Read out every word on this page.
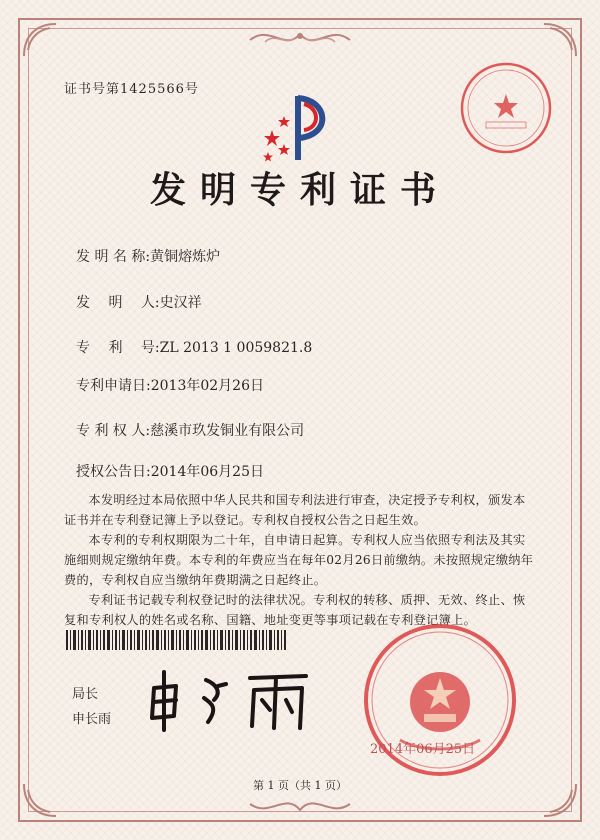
证书号第1425566号
发明专利证书
发 明 名 称:黄铜熔炼炉
发　 明　 人:史汉祥
专　 利　 号:ZL 2013 1 0059821.8
专利申请日:2013年02月26日
专 利 权 人:慈溪市玖发铜业有限公司
授权公告日:2014年06月25日

本发明经过本局依照中华人民共和国专利法进行审查，决定授予专利权，颁发本证书并在专利登记簿上予以登记。专利权自授权公告之日起生效。

本专利的专利权期限为二十年，自申请日起算。专利权人应当依照专利法及其实施细则规定缴纳年费。本专利的年费应当在每年02月26日前缴纳。未按照规定缴纳年费的，专利权自应当缴纳年费期满之日起终止。

专利证书记载专利权登记时的法律状况。专利权的转移、质押、无效、终止、恢复和专利权人的姓名或名称、国籍、地址变更等事项记载在专利登记簿上。

局长
申长雨
2014年06月25日
第 1 页（共 1 页）
